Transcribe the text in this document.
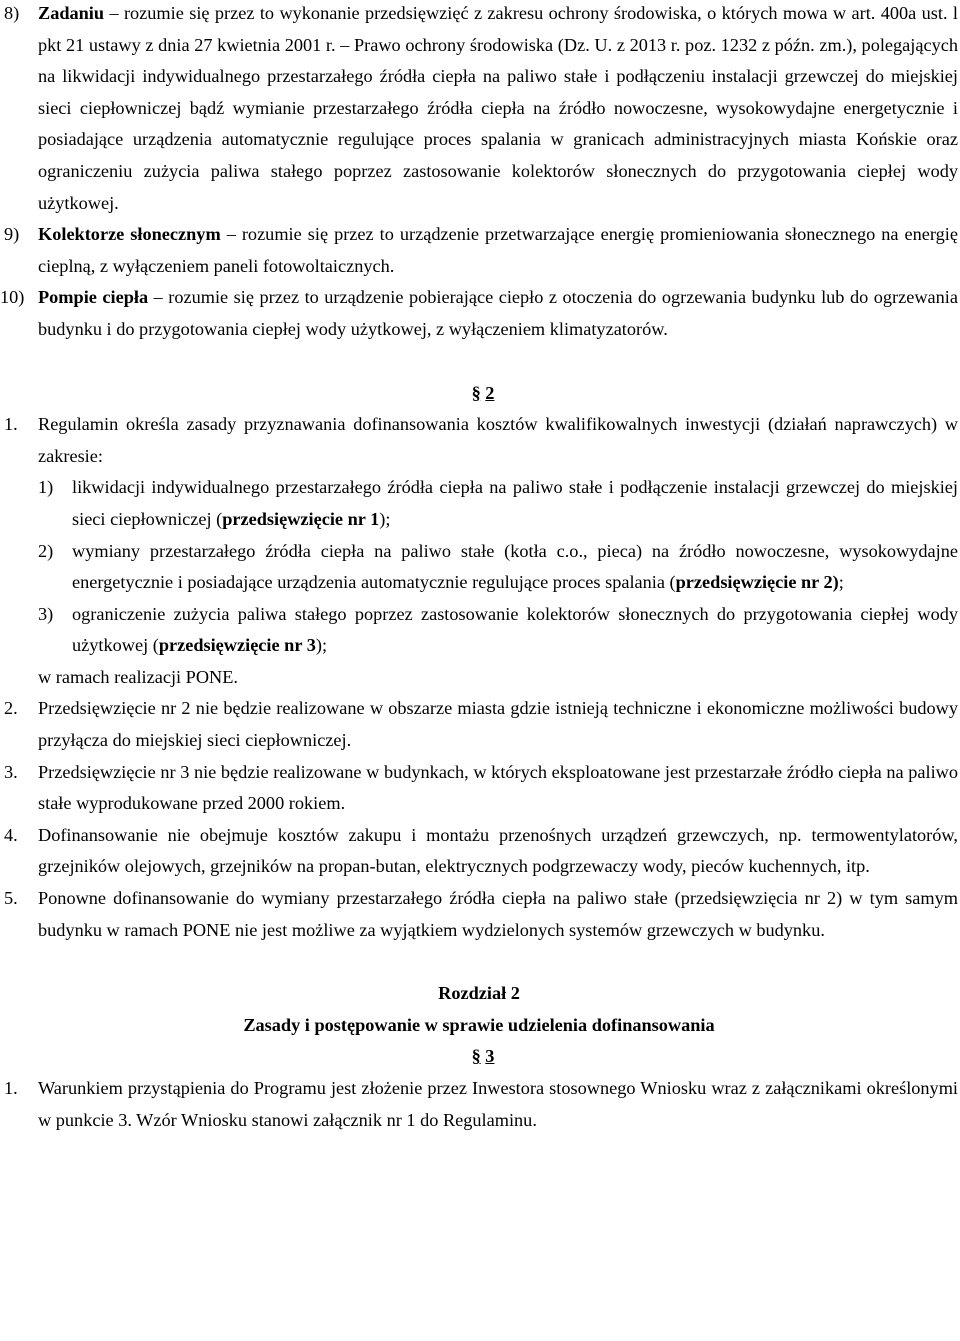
8) Zadaniu – rozumie się przez to wykonanie przedsięwzięć z zakresu ochrony środowiska, o których mowa w art. 400a ust. l pkt 21 ustawy z dnia 27 kwietnia 2001 r. – Prawo ochrony środowiska (Dz. U. z 2013 r. poz. 1232 z późn. zm.), polegających na likwidacji indywidualnego przestarzałego źródła ciepła na paliwo stałe i podłączeniu instalacji grzewczej do miejskiej sieci ciepłowniczej bądź wymianie przestarzałego źródła ciepła na źródło nowoczesne, wysokowydajne energetycznie i posiadające urządzenia automatycznie regulujące proces spalania w granicach administracyjnych miasta Końskie oraz ograniczeniu zużycia paliwa stałego poprzez zastosowanie kolektorów słonecznych do przygotowania ciepłej wody użytkowej.
9) Kolektorze słonecznym – rozumie się przez to urządzenie przetwarzające energię promieniowania słonecznego na energię cieplną, z wyłączeniem paneli fotowoltaicznych.
10) Pompie ciepła – rozumie się przez to urządzenie pobierające ciepło z otoczenia do ogrzewania budynku lub do ogrzewania budynku i do przygotowania ciepłej wody użytkowej, z wyłączeniem klimatyzatorów.
§ 2
1. Regulamin określa zasady przyznawania dofinansowania kosztów kwalifikowalnych inwestycji (działań naprawczych) w zakresie:
1) likwidacji indywidualnego przestarzałego źródła ciepła na paliwo stałe i podłączenie instalacji grzewczej do miejskiej sieci ciepłowniczej (przedsięwzięcie nr 1);
2) wymiany przestarzałego źródła ciepła na paliwo stałe (kotła c.o., pieca) na źródło nowoczesne, wysokowydajne energetycznie i posiadające urządzenia automatycznie regulujące proces spalania (przedsięwzięcie nr 2);
3) ograniczenie zużycia paliwa stałego poprzez zastosowanie kolektorów słonecznych do przygotowania ciepłej wody użytkowej (przedsięwzięcie nr 3);

w ramach realizacji PONE.

2. Przedsięwzięcie nr 2 nie będzie realizowane w obszarze miasta gdzie istnieją techniczne i ekonomiczne możliwości budowy przyłącza do miejskiej sieci ciepłowniczej.
3. Przedsięwzięcie nr 3 nie będzie realizowane w budynkach, w których eksploatowane jest przestarzałe źródło ciepła na paliwo stałe wyprodukowane przed 2000 rokiem.
4. Dofinansowanie nie obejmuje kosztów zakupu i montażu przenośnych urządzeń grzewczych, np. termowentylatorów, grzejników olejowych, grzejników na propan-butan, elektrycznych podgrzewaczy wody, pieców kuchennych, itp.
5. Ponowne dofinansowanie do wymiany przestarzałego źródła ciepła na paliwo stałe (przedsięwzięcia nr 2) w tym samym budynku w ramach PONE nie jest możliwe za wyjątkiem wydzielonych systemów grzewczych w budynku.

Rozdział 2

Zasady i postępowanie w sprawie udzielenia dofinansowania

§ 3
1. Warunkiem przystąpienia do Programu jest złożenie przez Inwestora stosownego Wniosku wraz z załącznikami określonymi w punkcie 3. Wzór Wniosku stanowi załącznik nr 1 do Regulaminu.
